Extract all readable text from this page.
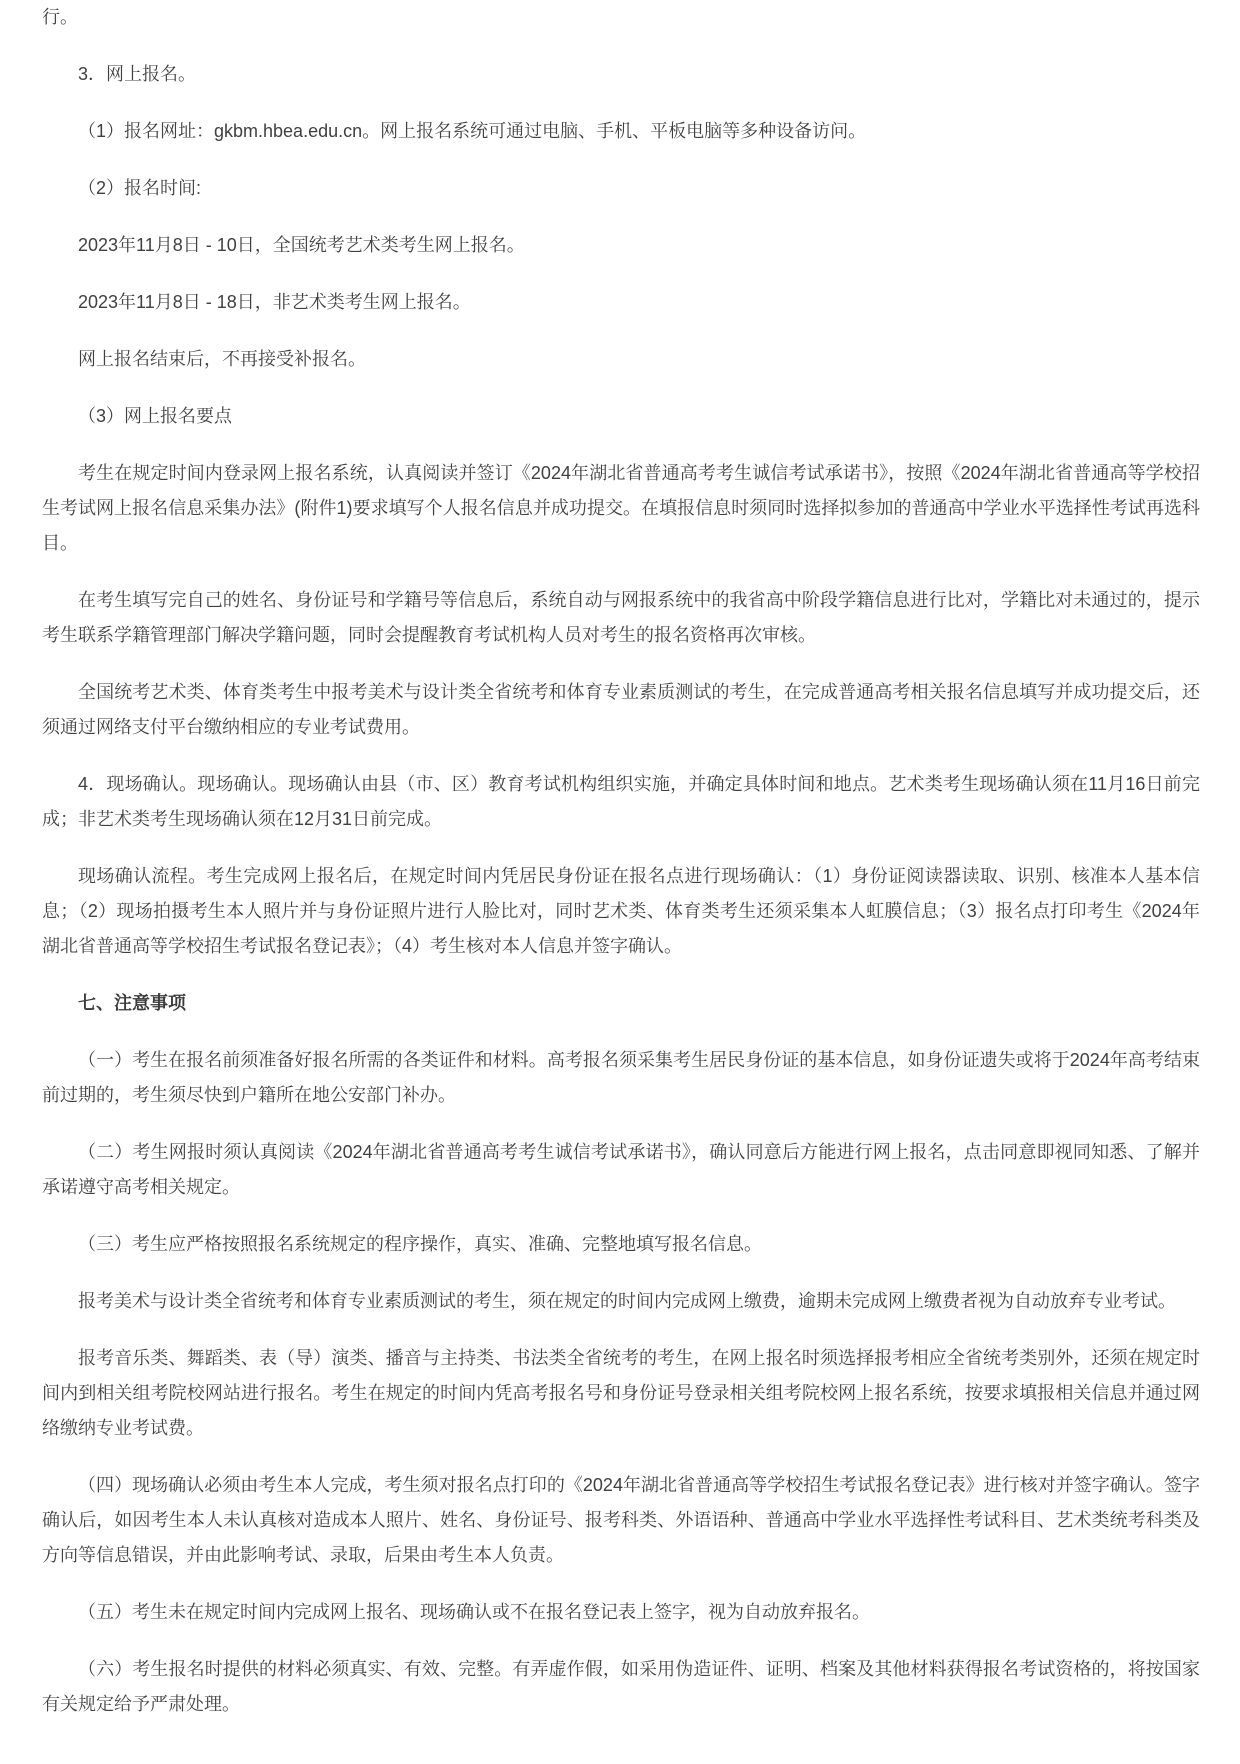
行。

3．网上报名。

（1）报名网址：gkbm.hbea.edu.cn。网上报名系统可通过电脑、手机、平板电脑等多种设备访问。

（2）报名时间:

2023年11月8日 - 10日，全国统考艺术类考生网上报名。

2023年11月8日 - 18日，非艺术类考生网上报名。

网上报名结束后，不再接受补报名。

（3）网上报名要点

考生在规定时间内登录网上报名系统，认真阅读并签订《2024年湖北省普通高考考生诚信考试承诺书》，按照《2024年湖北省普通高等学校招生考试网上报名信息采集办法》(附件1)要求填写个人报名信息并成功提交。在填报信息时须同时选择拟参加的普通高中学业水平选择性考试再选科目。

在考生填写完自己的姓名、身份证号和学籍号等信息后，系统自动与网报系统中的我省高中阶段学籍信息进行比对，学籍比对未通过的，提示考生联系学籍管理部门解决学籍问题，同时会提醒教育考试机构人员对考生的报名资格再次审核。

全国统考艺术类、体育类考生中报考美术与设计类全省统考和体育专业素质测试的考生，在完成普通高考相关报名信息填写并成功提交后，还须通过网络支付平台缴纳相应的专业考试费用。

4．现场确认。现场确认。现场确认由县（市、区）教育考试机构组织实施，并确定具体时间和地点。艺术类考生现场确认须在11月16日前完成；非艺术类考生现场确认须在12月31日前完成。

现场确认流程。考生完成网上报名后，在规定时间内凭居民身份证在报名点进行现场确认：（1）身份证阅读器读取、识别、核准本人基本信息；（2）现场拍摄考生本人照片并与身份证照片进行人脸比对，同时艺术类、体育类考生还须采集本人虹膜信息；（3）报名点打印考生《2024年湖北省普通高等学校招生考试报名登记表》；（4）考生核对本人信息并签字确认。

七、注意事项

（一）考生在报名前须准备好报名所需的各类证件和材料。高考报名须采集考生居民身份证的基本信息，如身份证遗失或将于2024年高考结束前过期的，考生须尽快到户籍所在地公安部门补办。

（二）考生网报时须认真阅读《2024年湖北省普通高考考生诚信考试承诺书》，确认同意后方能进行网上报名，点击同意即视同知悉、了解并承诺遵守高考相关规定。

（三）考生应严格按照报名系统规定的程序操作，真实、准确、完整地填写报名信息。

报考美术与设计类全省统考和体育专业素质测试的考生，须在规定的时间内完成网上缴费，逾期未完成网上缴费者视为自动放弃专业考试。

报考音乐类、舞蹈类、表（导）演类、播音与主持类、书法类全省统考的考生，在网上报名时须选择报考相应全省统考类别外，还须在规定时间内到相关组考院校网站进行报名。考生在规定的时间内凭高考报名号和身份证号登录相关组考院校网上报名系统，按要求填报相关信息并通过网络缴纳专业考试费。

（四）现场确认必须由考生本人完成，考生须对报名点打印的《2024年湖北省普通高等学校招生考试报名登记表》进行核对并签字确认。签字确认后，如因考生本人未认真核对造成本人照片、姓名、身份证号、报考科类、外语语种、普通高中学业水平选择性考试科目、艺术类统考科类及方向等信息错误，并由此影响考试、录取，后果由考生本人负责。

（五）考生未在规定时间内完成网上报名、现场确认或不在报名登记表上签字，视为自动放弃报名。

（六）考生报名时提供的材料必须真实、有效、完整。有弄虚作假，如采用伪造证件、证明、档案及其他材料获得报名考试资格的，将按国家有关规定给予严肃处理。
